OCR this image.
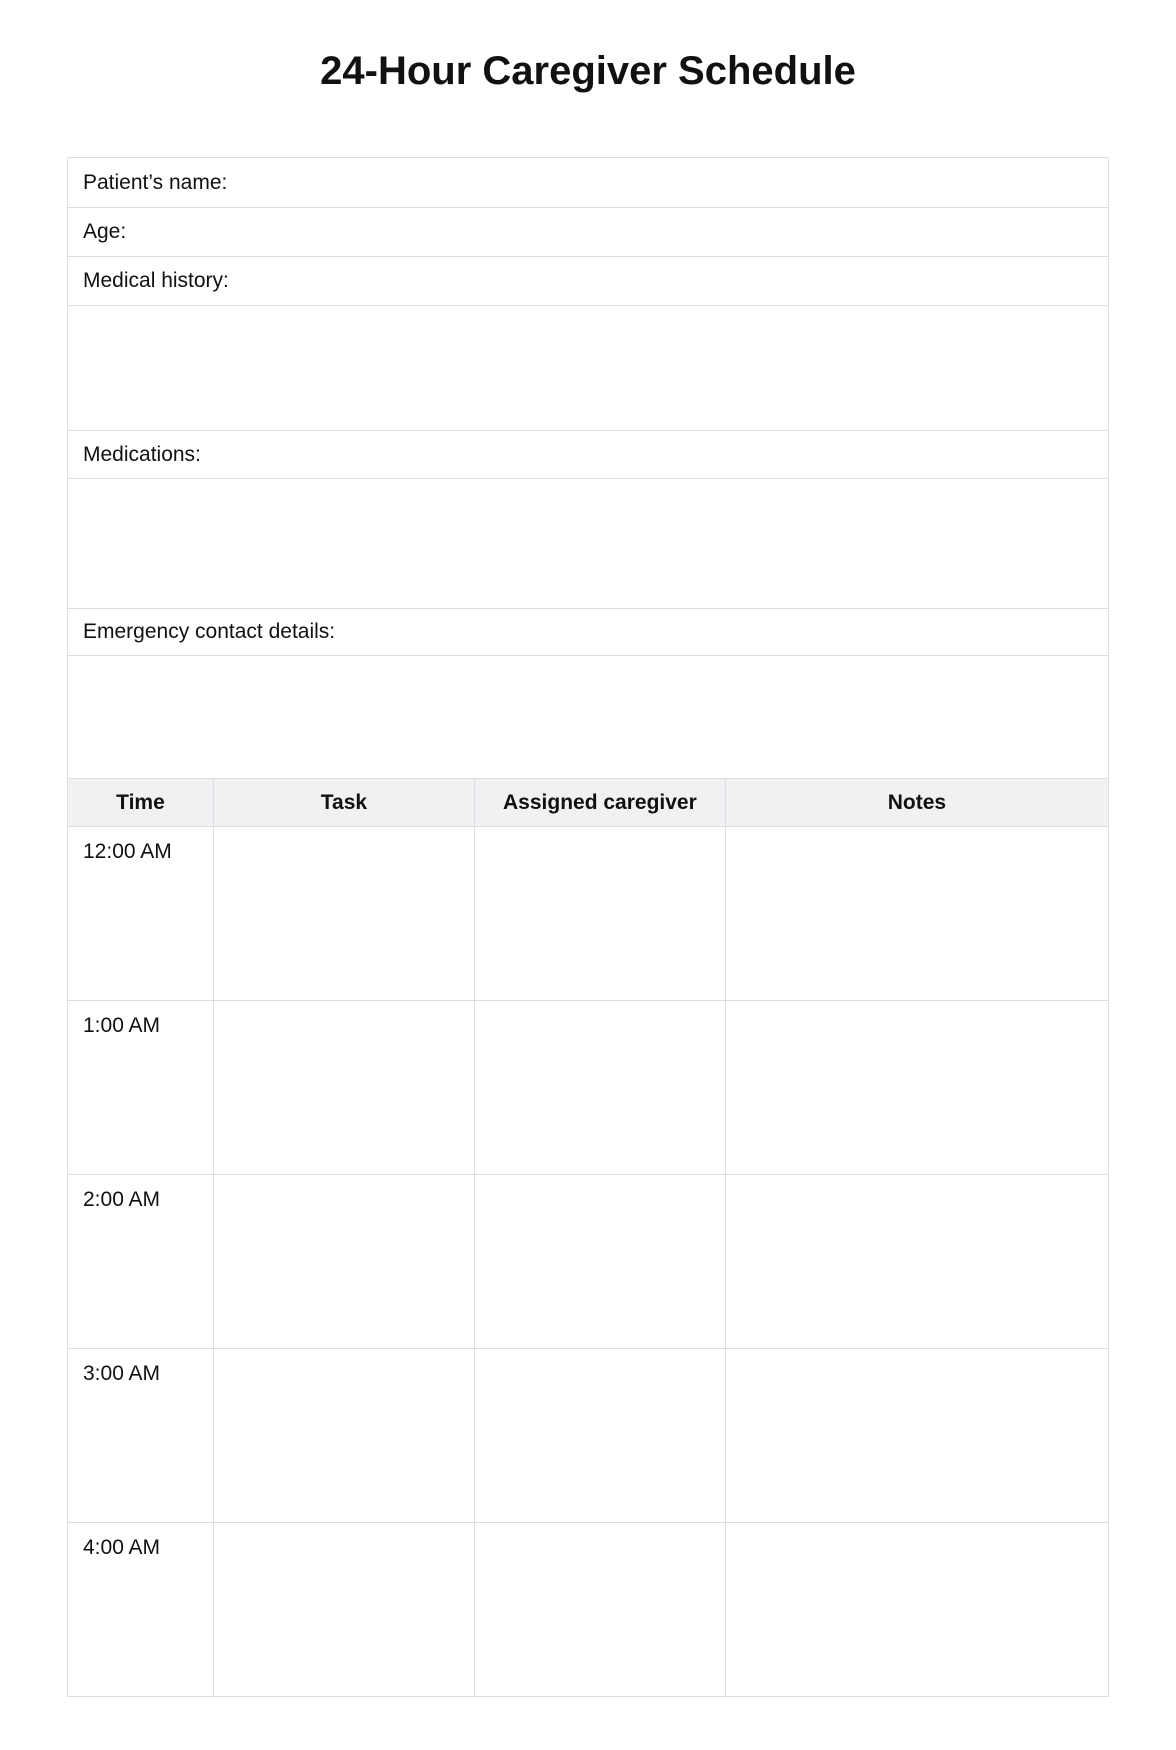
24-Hour Caregiver Schedule
Patient’s name:
Age:
Medical history:
Medications:
Emergency contact details:
Time	Task	Assigned caregiver	Notes
12:00 AM			
1:00 AM			
2:00 AM			
3:00 AM			
4:00 AM			
